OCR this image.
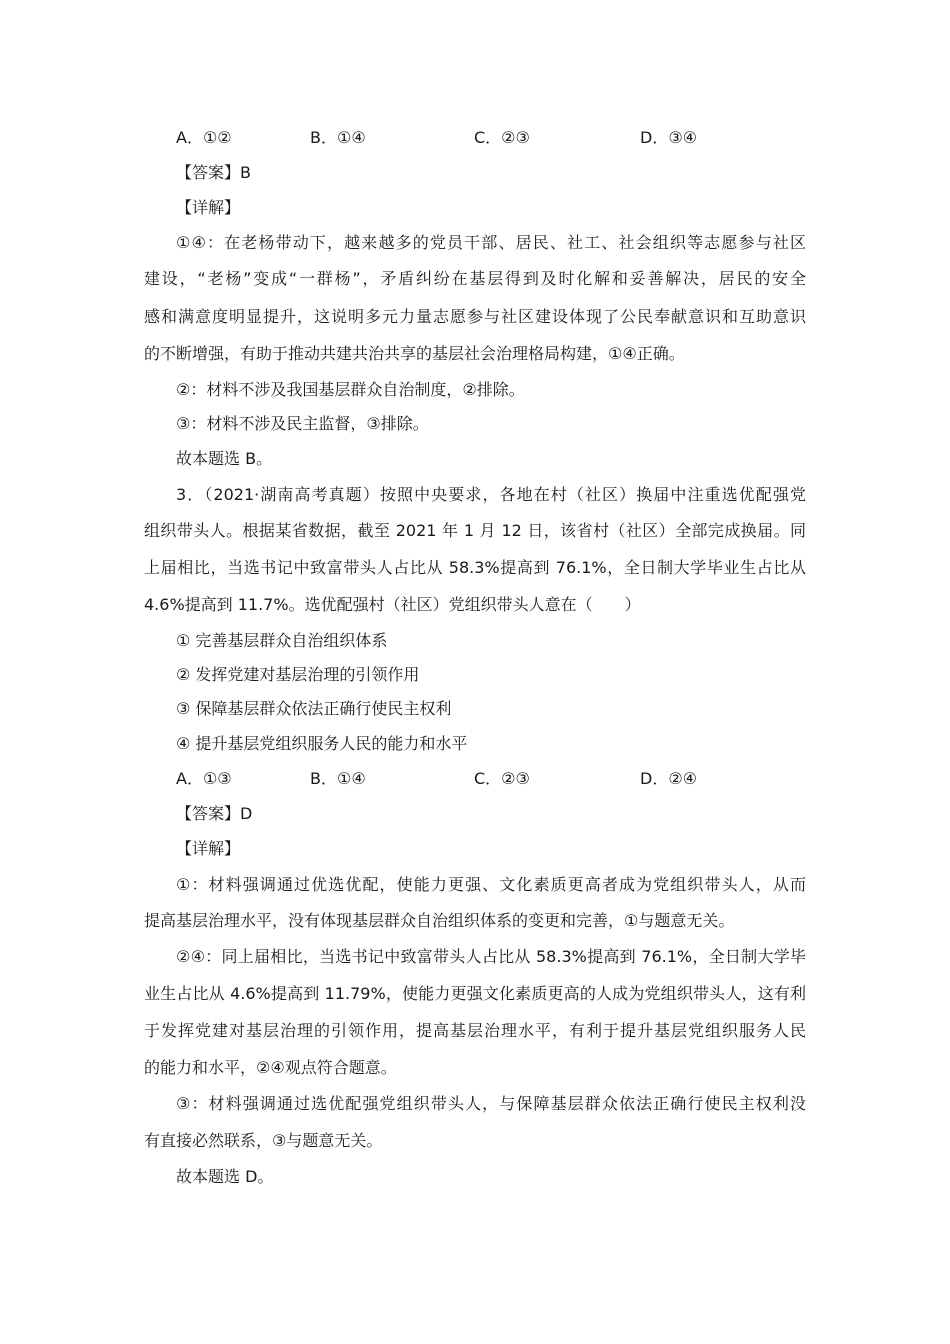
A．①②	B．①④	C．②③	D．③④
【答案】B
【详解】
①④：在老杨带动下，越来越多的党员干部、居民、社工、社会组织等志愿参与社区
建设，“老杨”变成“一群杨”，矛盾纠纷在基层得到及时化解和妥善解决，居民的安全
感和满意度明显提升，这说明多元力量志愿参与社区建设体现了公民奉献意识和互助意识
的不断增强，有助于推动共建共治共享的基层社会治理格局构建，①④正确。
②：材料不涉及我国基层群众自治制度，②排除。
③：材料不涉及民主监督，③排除。
故本题选 B。
3．（2021·湖南高考真题）按照中央要求，各地在村（社区）换届中注重选优配强党
组织带头人。根据某省数据，截至 2021 年 1 月 12 日，该省村（社区）全部完成换届。同
上届相比，当选书记中致富带头人占比从 58.3%提高到 76.1%，全日制大学毕业生占比从
4.6%提高到 11.7%。选优配强村（社区）党组织带头人意在（　　）
① 完善基层群众自治组织体系
② 发挥党建对基层治理的引领作用
③ 保障基层群众依法正确行使民主权利
④ 提升基层党组织服务人民的能力和水平
A．①③	B．①④	C．②③	D．②④
【答案】D
【详解】
①：材料强调通过优选优配，使能力更强、文化素质更高者成为党组织带头人，从而
提高基层治理水平，没有体现基层群众自治组织体系的变更和完善，①与题意无关。
②④：同上届相比，当选书记中致富带头人占比从 58.3%提高到 76.1%，全日制大学毕
业生占比从 4.6%提高到 11.79%，使能力更强文化素质更高的人成为党组织带头人，这有利
于发挥党建对基层治理的引领作用，提高基层治理水平，有利于提升基层党组织服务人民
的能力和水平，②④观点符合题意。
③：材料强调通过选优配强党组织带头人，与保障基层群众依法正确行使民主权利没
有直接必然联系，③与题意无关。
故本题选 D。
